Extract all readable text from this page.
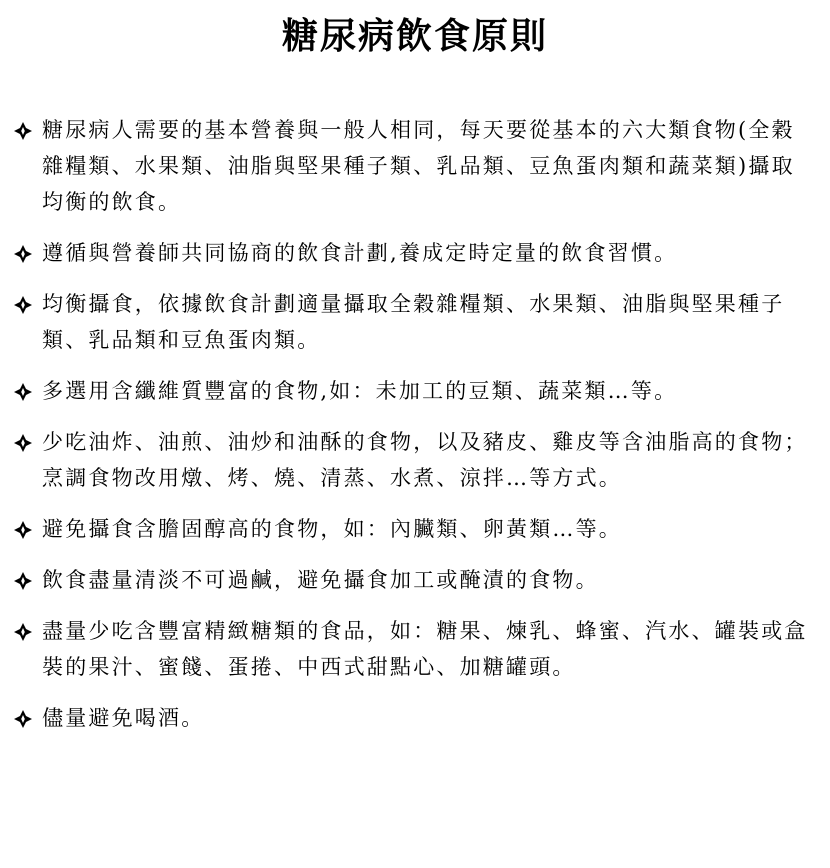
糖尿病飲食原則
糖尿病人需要的基本營養與一般人相同，每天要從基本的六大類食物(全穀雜糧類、水果類、油脂與堅果種子類、乳品類、豆魚蛋肉類和蔬菜類)攝取均衡的飲食。
遵循與營養師共同協商的飲食計劃,養成定時定量的飲食習慣。
均衡攝食，依據飲食計劃適量攝取全穀雜糧類、水果類、油脂與堅果種子類、乳品類和豆魚蛋肉類。
多選用含纖維質豐富的食物,如：未加工的豆類、蔬菜類…等。
少吃油炸、油煎、油炒和油酥的食物，以及豬皮、雞皮等含油脂高的食物；烹調食物改用燉、烤、燒、清蒸、水煮、涼拌…等方式。
避免攝食含膽固醇高的食物，如：內臟類、卵黃類…等。
飲食盡量清淡不可過鹹，避免攝食加工或醃漬的食物。
盡量少吃含豐富精緻糖類的食品，如：糖果、煉乳、蜂蜜、汽水、罐裝或盒裝的果汁、蜜餞、蛋捲、中西式甜點心、加糖罐頭。
儘量避免喝酒。
